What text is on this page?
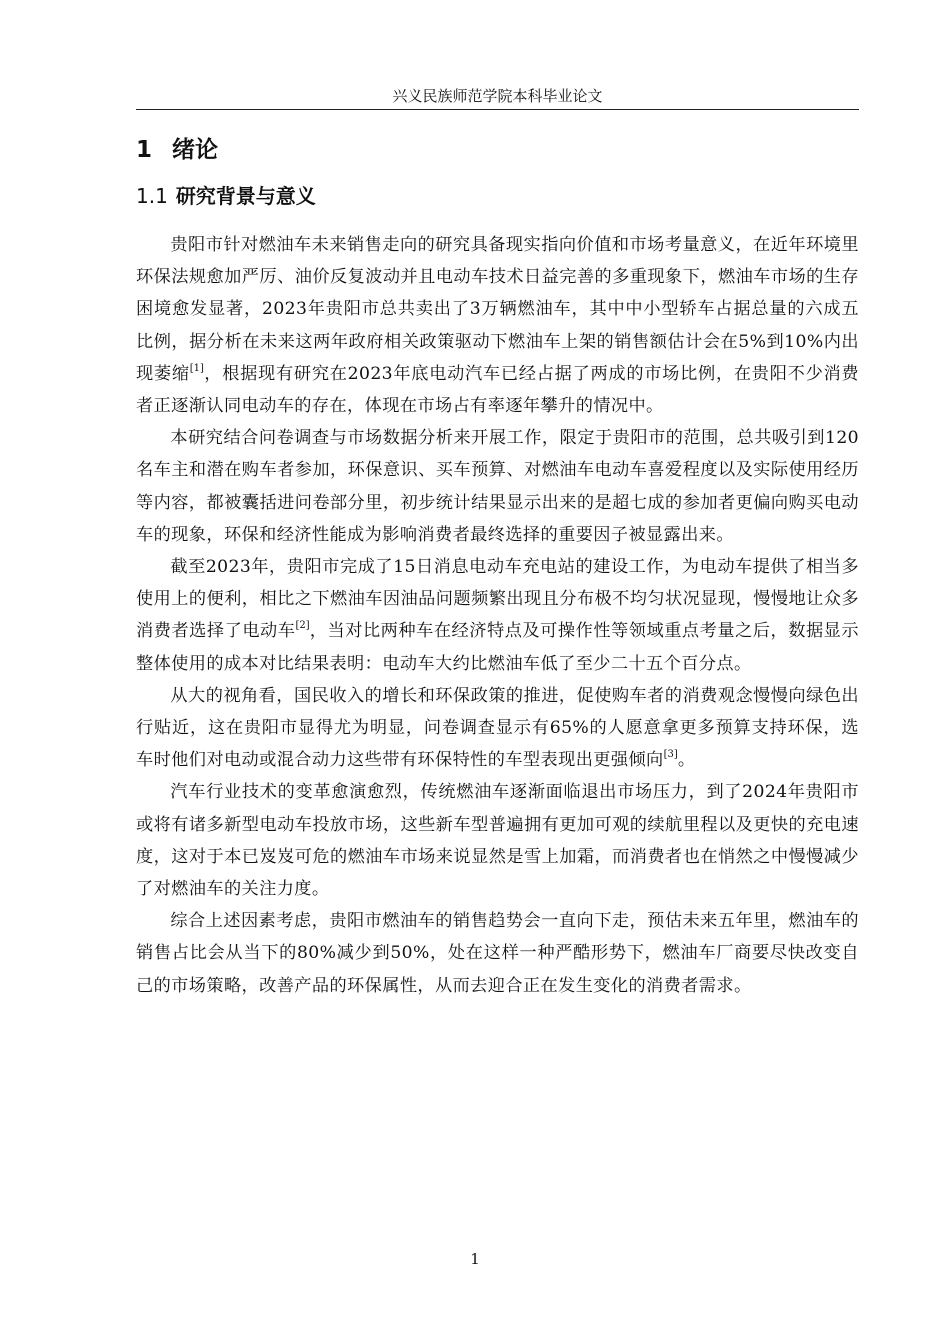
兴义民族师范学院本科毕业论文
1 绪论
1.1 研究背景与意义

贵阳市针对燃油车未来销售走向的研究具备现实指向价值和市场考量意义，在近年环境里环保法规愈加严厉、油价反复波动并且电动车技术日益完善的多重现象下，燃油车市场的生存困境愈发显著，2023年贵阳市总共卖出了3万辆燃油车，其中中小型轿车占据总量的六成五比例，据分析在未来这两年政府相关政策驱动下燃油车上架的销售额估计会在5%到10%内出现萎缩[1]，根据现有研究在2023年底电动汽车已经占据了两成的市场比例，在贵阳不少消费者正逐渐认同电动车的存在，体现在市场占有率逐年攀升的情况中。

本研究结合问卷调查与市场数据分析来开展工作，限定于贵阳市的范围，总共吸引到120名车主和潜在购车者参加，环保意识、买车预算、对燃油车电动车喜爱程度以及实际使用经历等内容，都被囊括进问卷部分里，初步统计结果显示出来的是超七成的参加者更偏向购买电动车的现象，环保和经济性能成为影响消费者最终选择的重要因子被显露出来。

截至2023年，贵阳市完成了15日消息电动车充电站的建设工作，为电动车提供了相当多使用上的便利，相比之下燃油车因油品问题频繁出现且分布极不均匀状况显现，慢慢地让众多消费者选择了电动车[2]，当对比两种车在经济特点及可操作性等领域重点考量之后，数据显示整体使用的成本对比结果表明：电动车大约比燃油车低了至少二十五个百分点。

从大的视角看，国民收入的增长和环保政策的推进，促使购车者的消费观念慢慢向绿色出行贴近，这在贵阳市显得尤为明显，问卷调查显示有65%的人愿意拿更多预算支持环保，选车时他们对电动或混合动力这些带有环保特性的车型表现出更强倾向[3]。

汽车行业技术的变革愈演愈烈，传统燃油车逐渐面临退出市场压力，到了2024年贵阳市或将有诸多新型电动车投放市场，这些新车型普遍拥有更加可观的续航里程以及更快的充电速度，这对于本已岌岌可危的燃油车市场来说显然是雪上加霜，而消费者也在悄然之中慢慢减少了对燃油车的关注力度。

综合上述因素考虑，贵阳市燃油车的销售趋势会一直向下走，预估未来五年里，燃油车的销售占比会从当下的80%减少到50%，处在这样一种严酷形势下，燃油车厂商要尽快改变自己的市场策略，改善产品的环保属性，从而去迎合正在发生变化的消费者需求。

1
